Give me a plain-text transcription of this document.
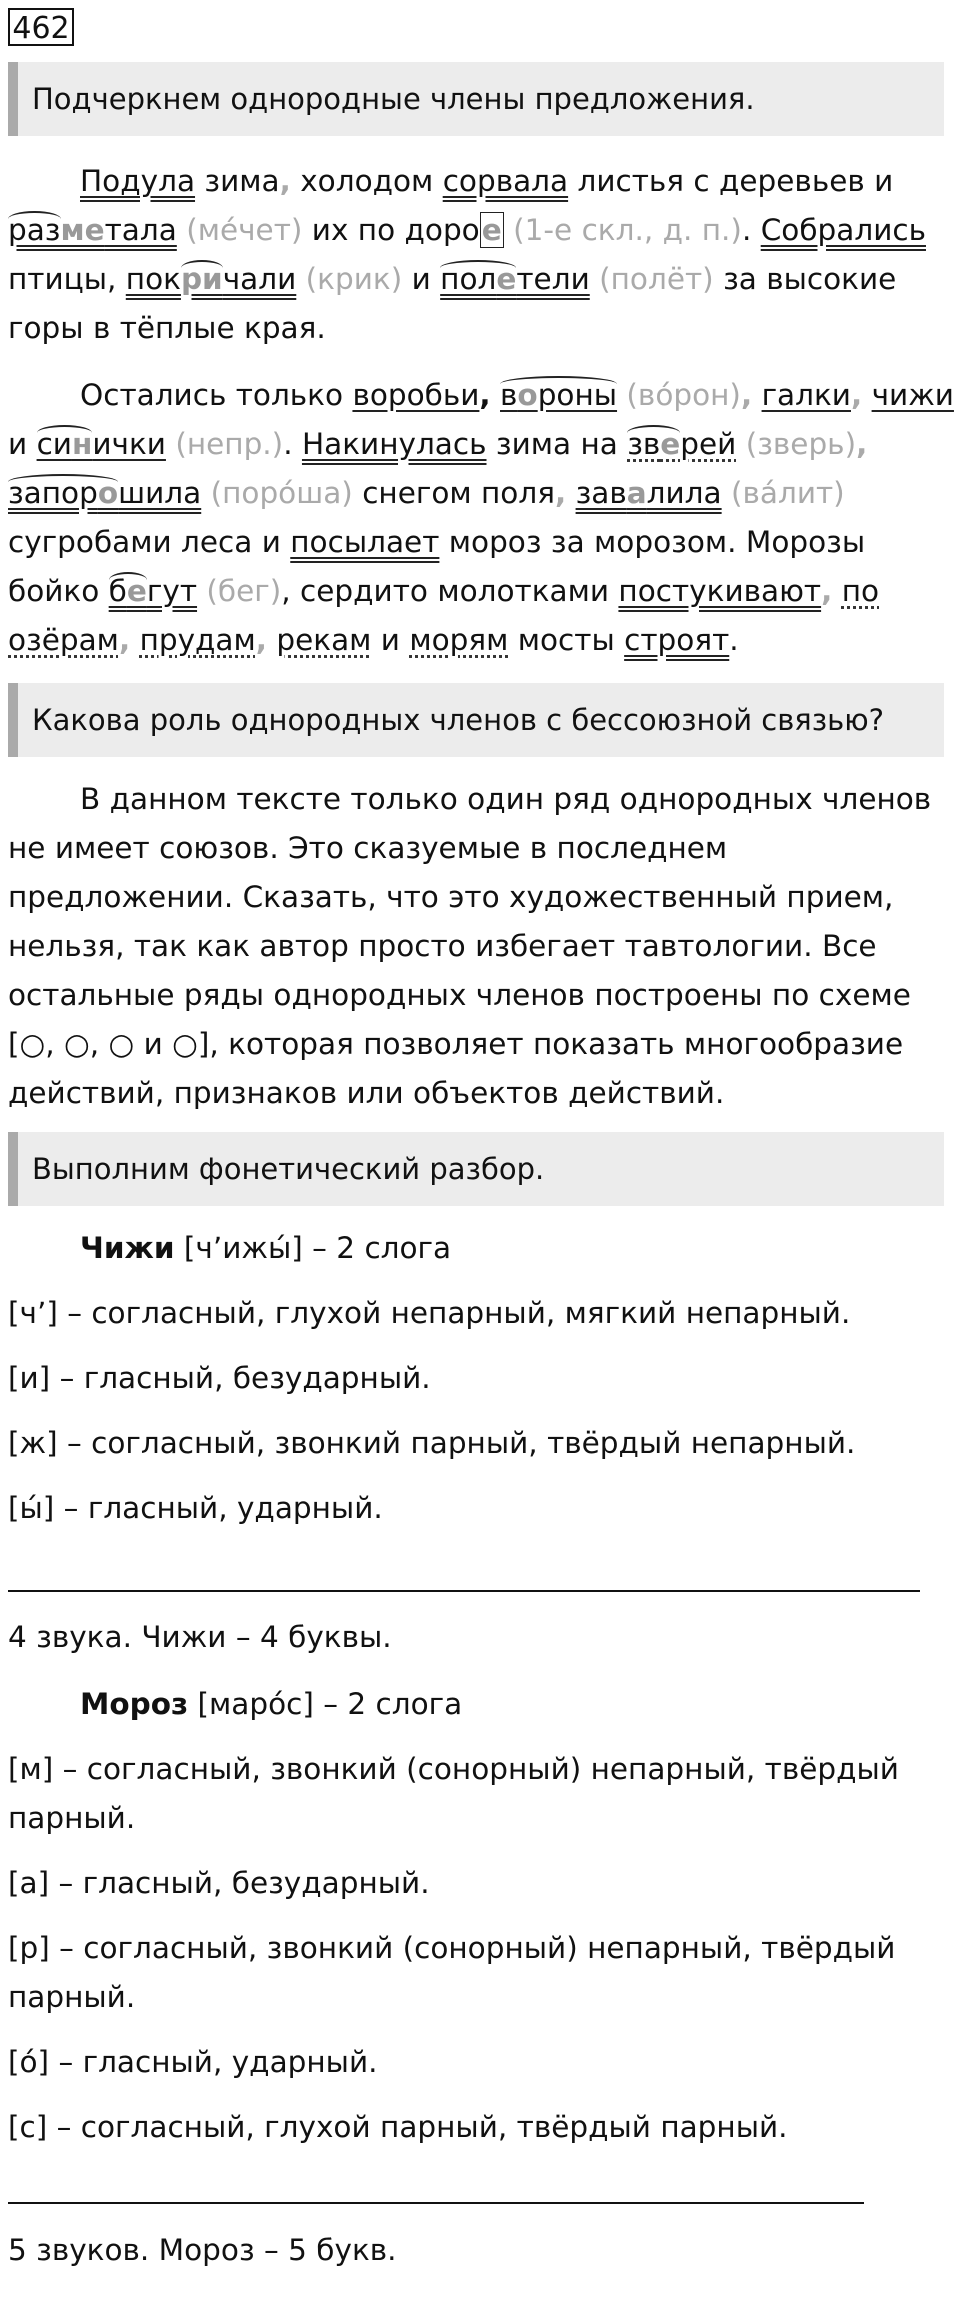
462
Подчеркнем однородные члены предложения.
Подула зима, холодом сорвала листья с деревьев и
разметала (ме́чет) их по дорое (1-е скл., д. п.). Собрались
птицы, покричали (крик) и полетели (полёт) за высокие
горы в тёплые края.
Остались только воробьи, вороны (во́рон), галки, чижи
и синички (непр.). Накинулась зима на зверей (зверь),
запорошила (поро́ша) снегом поля, завалила (ва́лит)
сугробами леса и посылает мороз за морозом. Морозы
бойко бегут (бег), сердито молотками постукивают, по
озёрам, прудам, рекам и морям мосты строят.
Какова роль однородных членов с бессоюзной связью?
В данном тексте только один ряд однородных членов
не имеет союзов. Это сказуемые в последнем
предложении. Сказать, что это художественный прием,
нельзя, так как автор просто избегает тавтологии. Все
остальные ряды однородных членов построены по схеме
[○, ○, ○ и ○], которая позволяет показать многообразие
действий, признаков или объектов действий.
Выполним фонетический разбор.
Чижи [ч’ижы́] – 2 слога
[ч’] – согласный, глухой непарный, мягкий непарный.
[и] – гласный, безударный.
[ж] – согласный, звонкий парный, твёрдый непарный.
[ы́] – гласный, ударный.
4 звука. Чижи – 4 буквы.
Мороз [маро́с] – 2 слога
[м] – согласный, звонкий (сонорный) непарный, твёрдый
парный.
[а] – гласный, безударный.
[р] – согласный, звонкий (сонорный) непарный, твёрдый
парный.
[о́] – гласный, ударный.
[с] – согласный, глухой парный, твёрдый парный.
5 звуков. Мороз – 5 букв.
